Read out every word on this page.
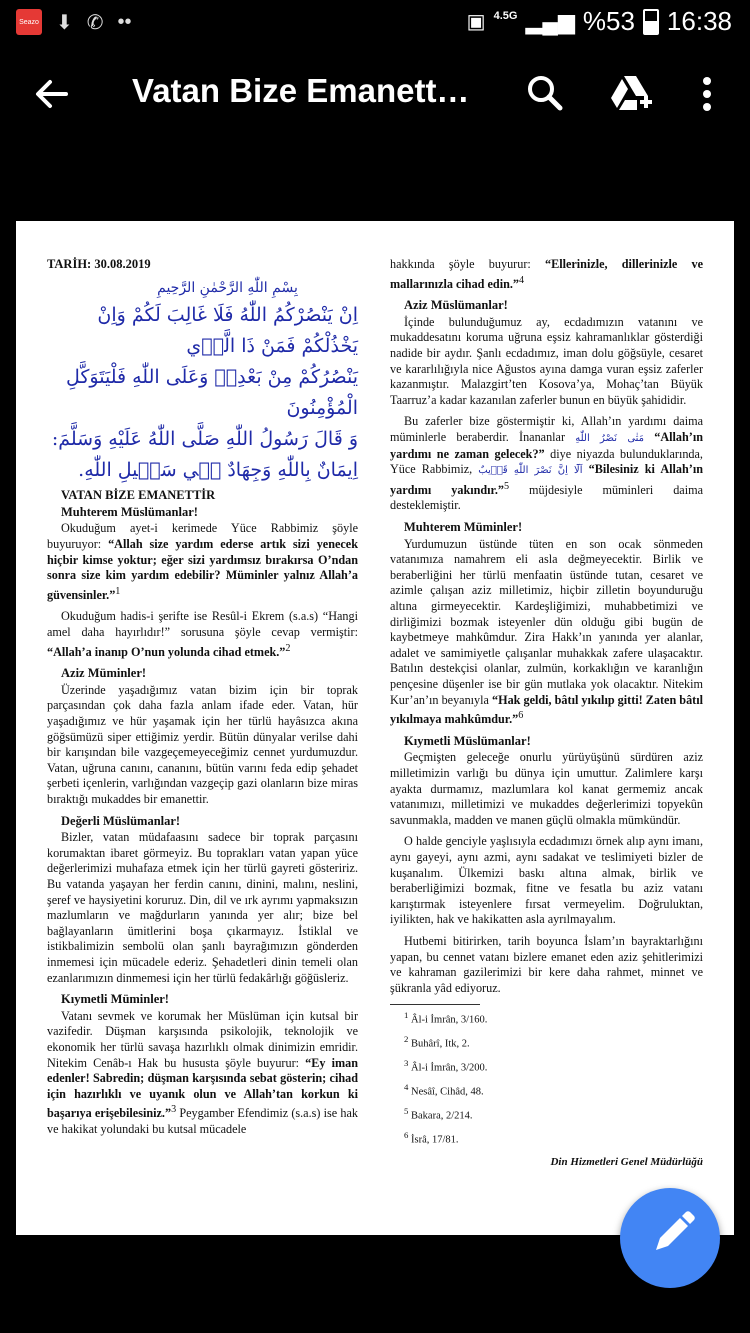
Seazo ⬇ ✆ ••	▣ 4.5G ▂▄▆ %53 16:38
Vatan Bize Emanett…
TARİH: 30.08.2019
بِسْمِ اللّٰهِ الرَّحْمٰنِ الرَّحِيمِ
اِنْ يَنْصُرْكُمُ اللّٰهُ فَلَا غَالِبَ لَكُمْ وَاِنْ يَخْذُلْكُمْ فَمَنْ ذَا الَّذ۪ي
يَنْصُرُكُمْ مِنْ بَعْدِه۪ وَعَلَى اللّٰهِ فَلْيَتَوَكَّلِ الْمُؤْمِنُونَ
وَ قَالَ رَسُولُ اللّٰهِ صَلَّى اللّٰهُ عَلَيْهِ وَسَلَّمَ:
اِيمَانٌ بِاللّٰهِ وَجِهَادٌ ف۪ي سَب۪يلِ اللّٰهِ.
VATAN BİZE EMANETTİR
Muhterem Müslümanlar!

Okuduğum ayet-i kerimede Yüce Rabbimiz şöyle buyuruyor: “Allah size yardım ederse artık sizi yenecek hiçbir kimse yoktur; eğer sizi yardımsız bırakırsa O’ndan sonra size kim yardım edebilir? Müminler yalnız Allah’a güvensinler.”$^1$

Okuduğum hadis-i şerifte ise Resûl-i Ekrem (s.a.s) “Hangi amel daha hayırlıdır!” sorusuna şöyle cevap vermiştir: “Allah’a inanıp O’nun yolunda cihad etmek.”$^2$

Aziz Müminler!

Üzerinde yaşadığımız vatan bizim için bir toprak parçasından çok daha fazla anlam ifade eder. Vatan, hür yaşadığımız ve hür yaşamak için her türlü hayâsızca akına göğsümüzü siper ettiğimiz yerdir. Bütün dünyalar verilse dahi bir karışından bile vazgeçemeyeceğimiz cennet yurdumuzdur. Vatan, uğruna canını, cananını, bütün varını feda edip şehadet şerbeti içenlerin, varlığından vazgeçip gazi olanların bize miras bıraktığı mukaddes bir emanettir.

Değerli Müslümanlar!

Bizler, vatan müdafaasını sadece bir toprak parçasını korumaktan ibaret görmeyiz. Bu toprakları vatan yapan yüce değerlerimizi muhafaza etmek için her türlü gayreti gösteririz. Bu vatanda yaşayan her ferdin canını, dinini, malını, neslini, şeref ve haysiyetini koruruz. Din, dil ve ırk ayrımı yapmaksızın mazlumların ve mağdurların yanında yer alır; bize bel bağlayanların ümitlerini boşa çıkarmayız. İstiklal ve istikbalimizin sembolü olan şanlı bayrağımızın gönderden inmemesi için mücadele ederiz. Şehadetleri dinin temeli olan ezanlarımızın dinmemesi için her türlü fedakârlığı göğüsleriz.

Kıymetli Müminler!

Vatanı sevmek ve korumak her Müslüman için kutsal bir vazifedir. Düşman karşısında psikolojik, teknolojik ve ekonomik her türlü savaşa hazırlıklı olmak dinimizin emridir. Nitekim Cenâb-ı Hak bu hususta şöyle buyurur: “Ey iman edenler! Sabredin; düşman karşısında sebat gösterin; cihad için hazırlıklı ve uyanık olun ve Allah’tan korkun ki başarıya erişebilesiniz.”$^3$ Peygamber Efendimiz (s.a.s) ise hak ve hakikat yolundaki bu kutsal mücadele

hakkında şöyle buyurur: “Ellerinizle, dillerinizle ve mallarınızla cihad edin.”$^4$

Aziz Müslümanlar!

İçinde bulunduğumuz ay, ecdadımızın vatanını ve mukaddesatını koruma uğruna eşsiz kahramanlıklar gösterdiği nadide bir aydır. Şanlı ecdadımız, iman dolu göğsüyle, cesaret ve kararlılığıyla nice Ağustos ayına damga vuran eşsiz zaferler kazanmıştır. Malazgirt’ten Kosova’ya, Mohaç’tan Büyük Taarruz’a kadar kazanılan zaferler bunun en büyük şahididir.

Bu zaferler bize göstermiştir ki, Allah’ın yardımı daima müminlerle beraberdir. İnananlar مَتٰى نَصْرُ اللّٰهِ “Allah’ın yardımı ne zaman gelecek?” diye niyazda bulunduklarında, Yüce Rabbimiz, اَلَٓا اِنَّ نَصْرَ اللّٰهِ قَر۪يبٌ “Bilesiniz ki Allah’ın yardımı yakındır.”$^5$ müjdesiyle müminleri daima desteklemiştir.

Muhterem Müminler!

Yurdumuzun üstünde tüten en son ocak sönmeden vatanımıza namahrem eli asla değmeyecektir. Birlik ve beraberliğini her türlü menfaatin üstünde tutan, cesaret ve azimle çalışan aziz milletimiz, hiçbir zilletin boyunduruğu altına girmeyecektir. Kardeşliğimizi, muhabbetimizi ve dirliğimizi bozmak isteyenler dün olduğu gibi bugün de kaybetmeye mahkûmdur. Zira Hakk’ın yanında yer alanlar, adalet ve samimiyetle çalışanlar muhakkak zafere ulaşacaktır. Batılın destekçisi olanlar, zulmün, korkaklığın ve karanlığın pençesine düşenler ise bir gün mutlaka yok olacaktır. Nitekim Kur’an’ın beyanıyla “Hak geldi, bâtıl yıkılıp gitti! Zaten bâtıl yıkılmaya mahkûmdur.”$^6$

Kıymetli Müslümanlar!

Geçmişten geleceğe onurlu yürüyüşünü sürdüren aziz milletimizin varlığı bu dünya için umuttur. Zalimlere karşı ayakta durmamız, mazlumlara kol kanat germemiz ancak vatanımızı, milletimizi ve mukaddes değerlerimizi topyekûn savunmakla, madden ve manen güçlü olmakla mümkündür.

O halde genciyle yaşlısıyla ecdadımızı örnek alıp aynı imanı, aynı gayeyi, aynı azmi, aynı sadakat ve teslimiyeti bizler de kuşanalım. Ülkemizi baskı altına almak, birlik ve beraberliğimizi bozmak, fitne ve fesatla bu aziz vatanı karıştırmak isteyenlere fırsat vermeyelim. Doğruluktan, iyilikten, hak ve hakikatten asla ayrılmayalım.

Hutbemi bitirirken, tarih boyunca İslam’ın bayraktarlığını yapan, bu cennet vatanı bizlere emanet eden aziz şehitlerimizi ve kahraman gazilerimizi bir kere daha rahmet, minnet ve şükranla yâd ediyoruz.

$^1$ Âl-i İmrân, 3/160.

$^2$ Buhârî, Itk, 2.

$^3$ Âl-i İmrân, 3/200.

$^4$ Nesâî, Cihâd, 48.

$^5$ Bakara, 2/214.

$^6$ İsrâ, 17/81.

Din Hizmetleri Genel Müdürlüğü
